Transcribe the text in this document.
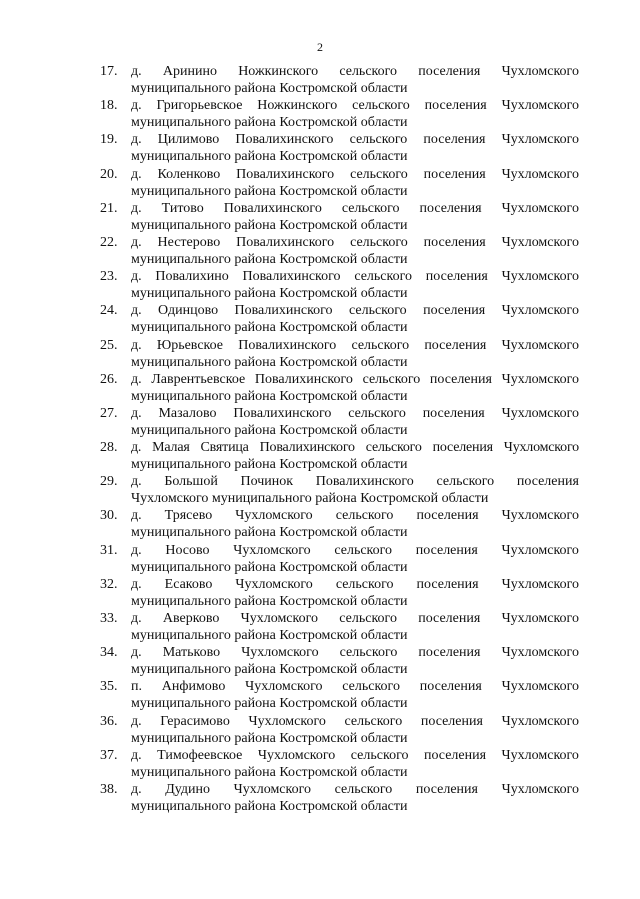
2
17. д. Аринино Ножкинского сельского поселения Чухломского
муниципального района Костромской области
18. д. Григорьевское Ножкинского сельского поселения Чухломского
муниципального района Костромской области
19. д. Цилимово Повалихинского сельского поселения Чухломского
муниципального района Костромской области
20. д. Коленково Повалихинского сельского поселения Чухломского
муниципального района Костромской области
21. д. Титово Повалихинского сельского поселения Чухломского
муниципального района Костромской области
22. д. Нестерово Повалихинского сельского поселения Чухломского
муниципального района Костромской области
23. д. Повалихино Повалихинского сельского поселения Чухломского
муниципального района Костромской области
24. д. Одинцово Повалихинского сельского поселения Чухломского
муниципального района Костромской области
25. д. Юрьевское Повалихинского сельского поселения Чухломского
муниципального района Костромской области
26. д. Лаврентьевское Повалихинского сельского поселения Чухломского
муниципального района Костромской области
27. д. Мазалово Повалихинского сельского поселения Чухломского
муниципального района Костромской области
28. д. Малая Святица Повалихинского сельского поселения Чухломского
муниципального района Костромской области
29. д. Большой Починок Повалихинского сельского поселения
Чухломского муниципального района Костромской области
30. д. Трясево Чухломского сельского поселения Чухломского
муниципального района Костромской области
31. д. Носово Чухломского сельского поселения Чухломского
муниципального района Костромской области
32. д. Есаково Чухломского сельского поселения Чухломского
муниципального района Костромской области
33. д. Аверково Чухломского сельского поселения Чухломского
муниципального района Костромской области
34. д. Матьково Чухломского сельского поселения Чухломского
муниципального района Костромской области
35. п. Анфимово Чухломского сельского поселения Чухломского
муниципального района Костромской области
36. д. Герасимово Чухломского сельского поселения Чухломского
муниципального района Костромской области
37. д. Тимофеевское Чухломского сельского поселения Чухломского
муниципального района Костромской области
38. д. Дудино Чухломского сельского поселения Чухломского
муниципального района Костромской области
